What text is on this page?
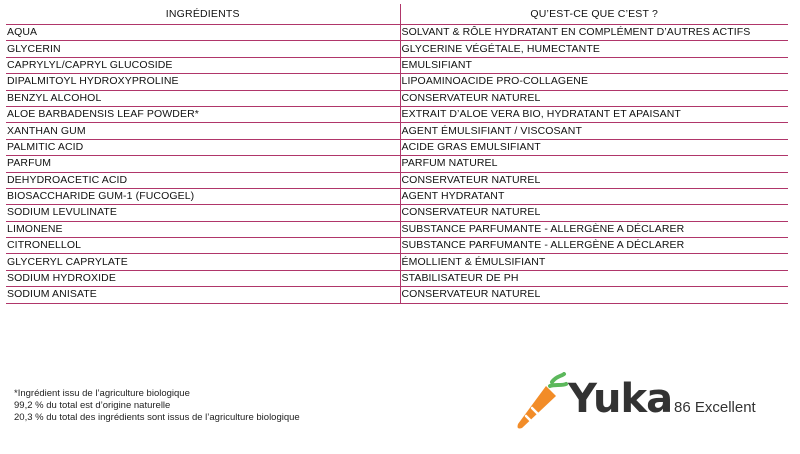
INGRÉDIENTS	QU’EST-CE QUE C’EST ?
AQUA	SOLVANT & RÔLE HYDRATANT EN COMPLÉMENT D’AUTRES ACTIFS
GLYCERIN	GLYCERINE VÉGÉTALE, HUMECTANTE
CAPRYLYL/CAPRYL GLUCOSIDE	EMULSIFIANT
DIPALMITOYL HYDROXYPROLINE	LIPOAMINOACIDE PRO-COLLAGENE
BENZYL ALCOHOL	CONSERVATEUR NATUREL
ALOE BARBADENSIS LEAF POWDER*	EXTRAIT D’ALOE VERA BIO, HYDRATANT ET APAISANT
XANTHAN GUM	AGENT ÉMULSIFIANT / VISCOSANT
PALMITIC ACID	ACIDE GRAS EMULSIFIANT
PARFUM	PARFUM NATUREL
DEHYDROACETIC ACID	CONSERVATEUR NATUREL
BIOSACCHARIDE GUM-1 (FUCOGEL)	AGENT HYDRATANT
SODIUM LEVULINATE	CONSERVATEUR NATUREL
LIMONENE	SUBSTANCE PARFUMANTE - ALLERGÈNE A DÉCLARER
CITRONELLOL	SUBSTANCE PARFUMANTE - ALLERGÈNE A DÉCLARER
GLYCERYL CAPRYLATE	ÉMOLLIENT & ÉMULSIFIANT
SODIUM HYDROXIDE	STABILISATEUR DE PH
SODIUM ANISATE	CONSERVATEUR NATUREL
*Ingrédient issu de l’agriculture biologique
99,2 % du total est d’origine naturelle
20,3 % du total des ingrédients sont issus de l’agriculture biologique	Yuka 86 Excellent
